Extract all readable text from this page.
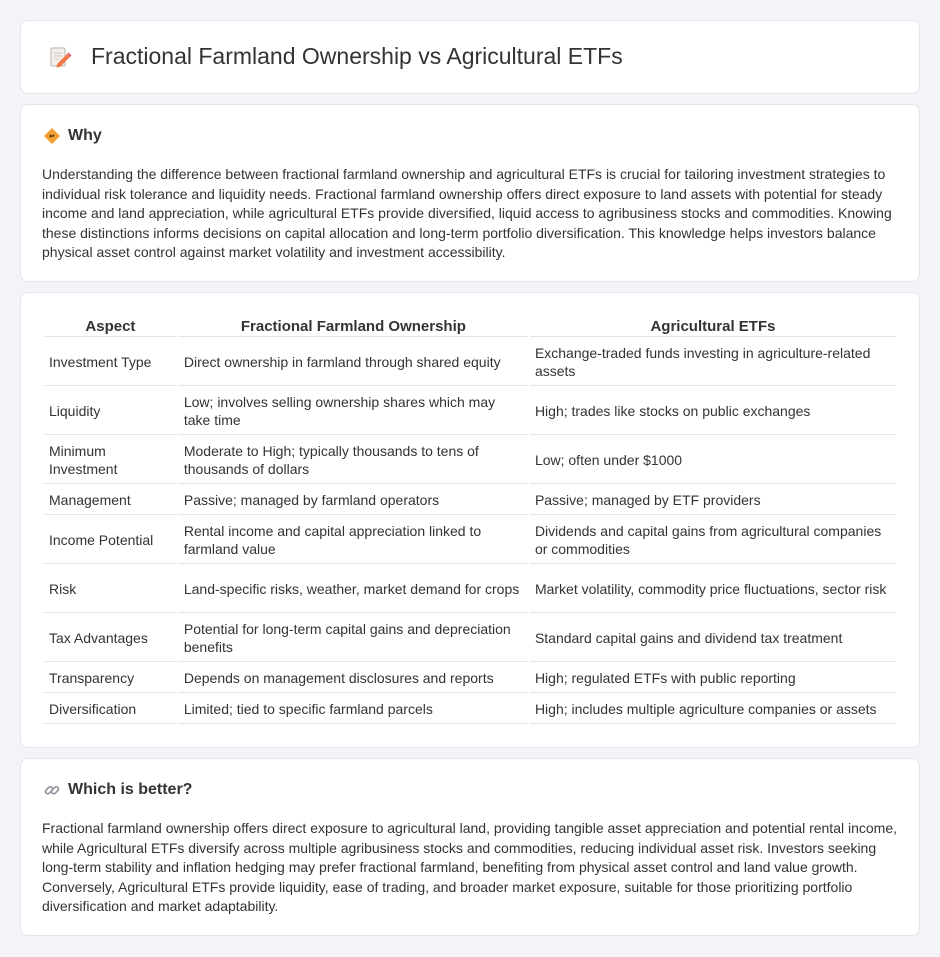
Fractional Farmland Ownership vs Agricultural ETFs
Why

Understanding the difference between fractional farmland ownership and agricultural ETFs is crucial for tailoring investment strategies to individual risk tolerance and liquidity needs. Fractional farmland ownership offers direct exposure to land assets with potential for steady income and land appreciation, while agricultural ETFs provide diversified, liquid access to agribusiness stocks and commodities. Knowing these distinctions informs decisions on capital allocation and long-term portfolio diversification. This knowledge helps investors balance physical asset control against market volatility and investment accessibility.

Aspect	Fractional Farmland Ownership	Agricultural ETFs
Investment Type	Direct ownership in farmland through shared equity	Exchange-traded funds investing in agriculture-related assets
Liquidity	Low; involves selling ownership shares which may take time	High; trades like stocks on public exchanges
Minimum Investment	Moderate to High; typically thousands to tens of thousands of dollars	Low; often under $1000
Management	Passive; managed by farmland operators	Passive; managed by ETF providers
Income Potential	Rental income and capital appreciation linked to farmland value	Dividends and capital gains from agricultural companies or commodities
Risk	Land-specific risks, weather, market demand for crops	Market volatility, commodity price fluctuations, sector risk
Tax Advantages	Potential for long-term capital gains and depreciation benefits	Standard capital gains and dividend tax treatment
Transparency	Depends on management disclosures and reports	High; regulated ETFs with public reporting
Diversification	Limited; tied to specific farmland parcels	High; includes multiple agriculture companies or assets
Which is better?

Fractional farmland ownership offers direct exposure to agricultural land, providing tangible asset appreciation and potential rental income, while Agricultural ETFs diversify across multiple agribusiness stocks and commodities, reducing individual asset risk. Investors seeking long-term stability and inflation hedging may prefer fractional farmland, benefiting from physical asset control and land value growth. Conversely, Agricultural ETFs provide liquidity, ease of trading, and broader market exposure, suitable for those prioritizing portfolio diversification and market adaptability.
